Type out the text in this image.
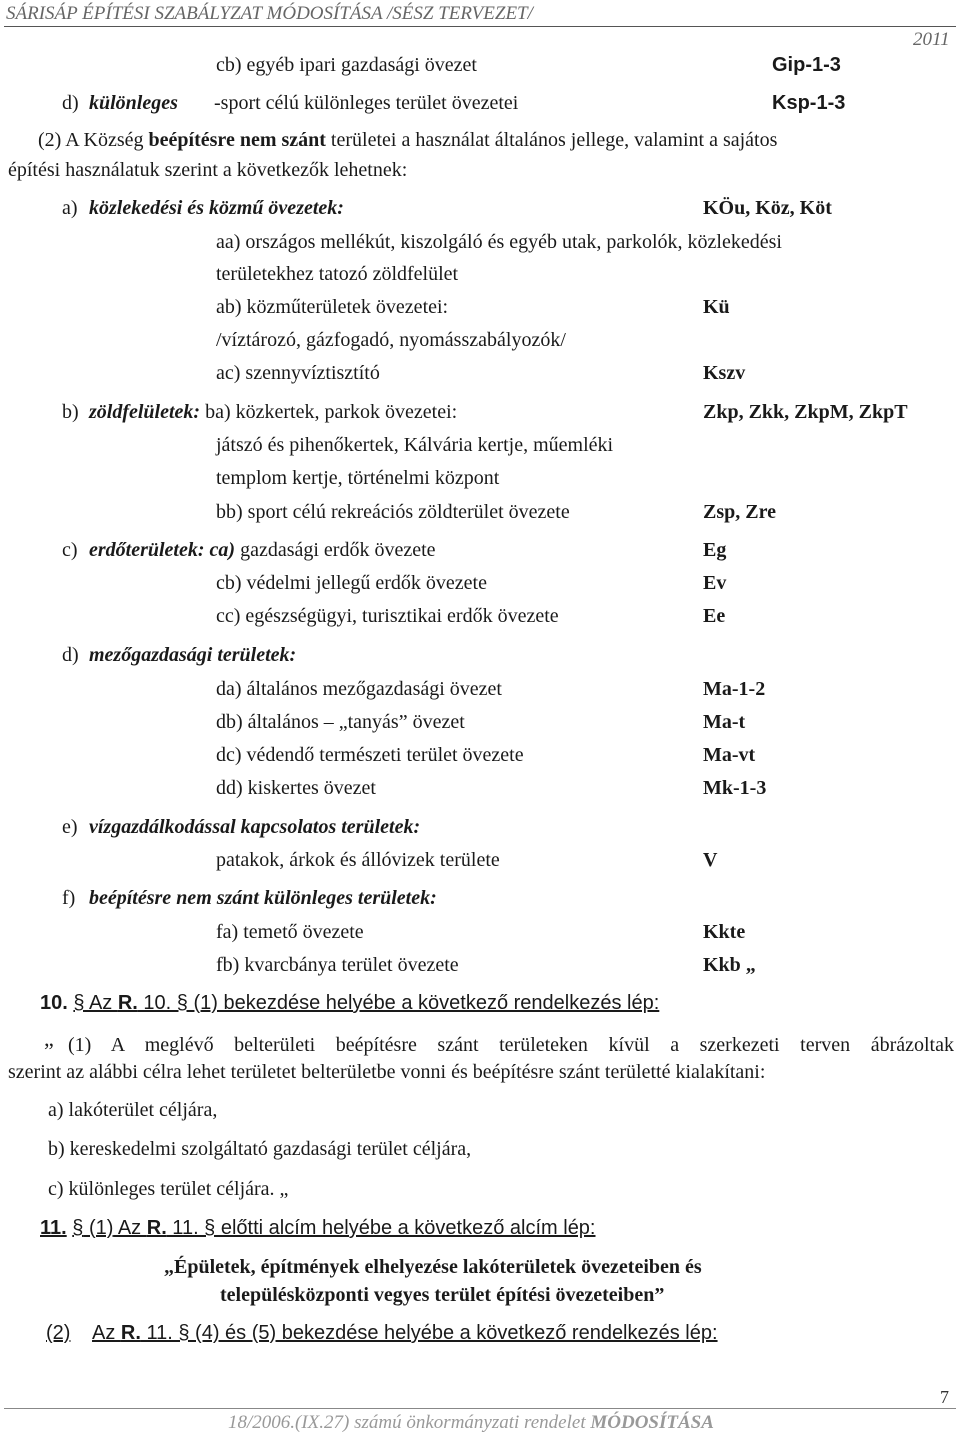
SÁRISÁP ÉPÍTÉSI SZABÁLYZAT MÓDOSÍTÁSA /SÉSZ TERVEZET/
2011
cb) egyéb ipari gazdasági övezet	Gip-1-3
d) különleges -sport célú különleges terület övezetei	Ksp-1-3
(2) A Község beépítésre nem szánt területei a használat általános jellege, valamint a sajátos
építési használatuk szerint a következők lehetnek:
a) közlekedési és közmű övezetek:	KÖu, Köz, Köt
aa) országos mellékút, kiszolgáló és egyéb utak, parkolók, közlekedési
területekhez tatozó zöldfelület
ab) közműterületek övezetei:	Kü
/víztározó, gázfogadó, nyomásszabályozók/
ac) szennyvíztisztító	Kszv
b) zöldfelületek: ba) közkertek, parkok övezetei:	Zkp, Zkk, ZkpM, ZkpT
játszó és pihenőkertek, Kálvária kertje, műemléki
templom kertje, történelmi központ
bb) sport célú rekreációs zöldterület övezete	Zsp, Zre
c) erdőterületek: ca) gazdasági erdők övezete	Eg
cb) védelmi jellegű erdők övezete	Ev
cc) egészségügyi, turisztikai erdők övezete	Ee
d) mezőgazdasági területek:
da) általános mezőgazdasági övezet	Ma-1-2
db) általános – „tanyás” övezet	Ma-t
dc) védendő természeti terület övezete	Ma-vt
dd) kiskertes övezet	Mk-1-3
e) vízgazdálkodással kapcsolatos területek:
patakok, árkok és állóvizek területe	V
f) beépítésre nem szánt különleges területek:
fa) temető övezete	Kkte
fb) kvarcbánya terület övezete	Kkb „
10. § Az R. 10. § (1) bekezdése helyébe a következő rendelkezés lép:
„ (1) A meglévő belterületi beépítésre szánt területeken kívül a szerkezeti terven ábrázoltak
szerint az alábbi célra lehet területet belterületbe vonni és beépítésre szánt területté kialakítani:
a) lakóterület céljára,
b) kereskedelmi szolgáltató gazdasági terület céljára,
c) különleges terület céljára. „
11. § (1) Az R. 11. § előtti alcím helyébe a következő alcím lép:
„Épületek, építmények elhelyezése lakóterületek övezeteiben és
településközponti vegyes terület építési övezeteiben”
(2) Az R. 11. § (4) és (5) bekezdése helyébe a következő rendelkezés lép:
7
18/2006.(IX.27) számú önkormányzati rendelet MÓDOSÍTÁSA
